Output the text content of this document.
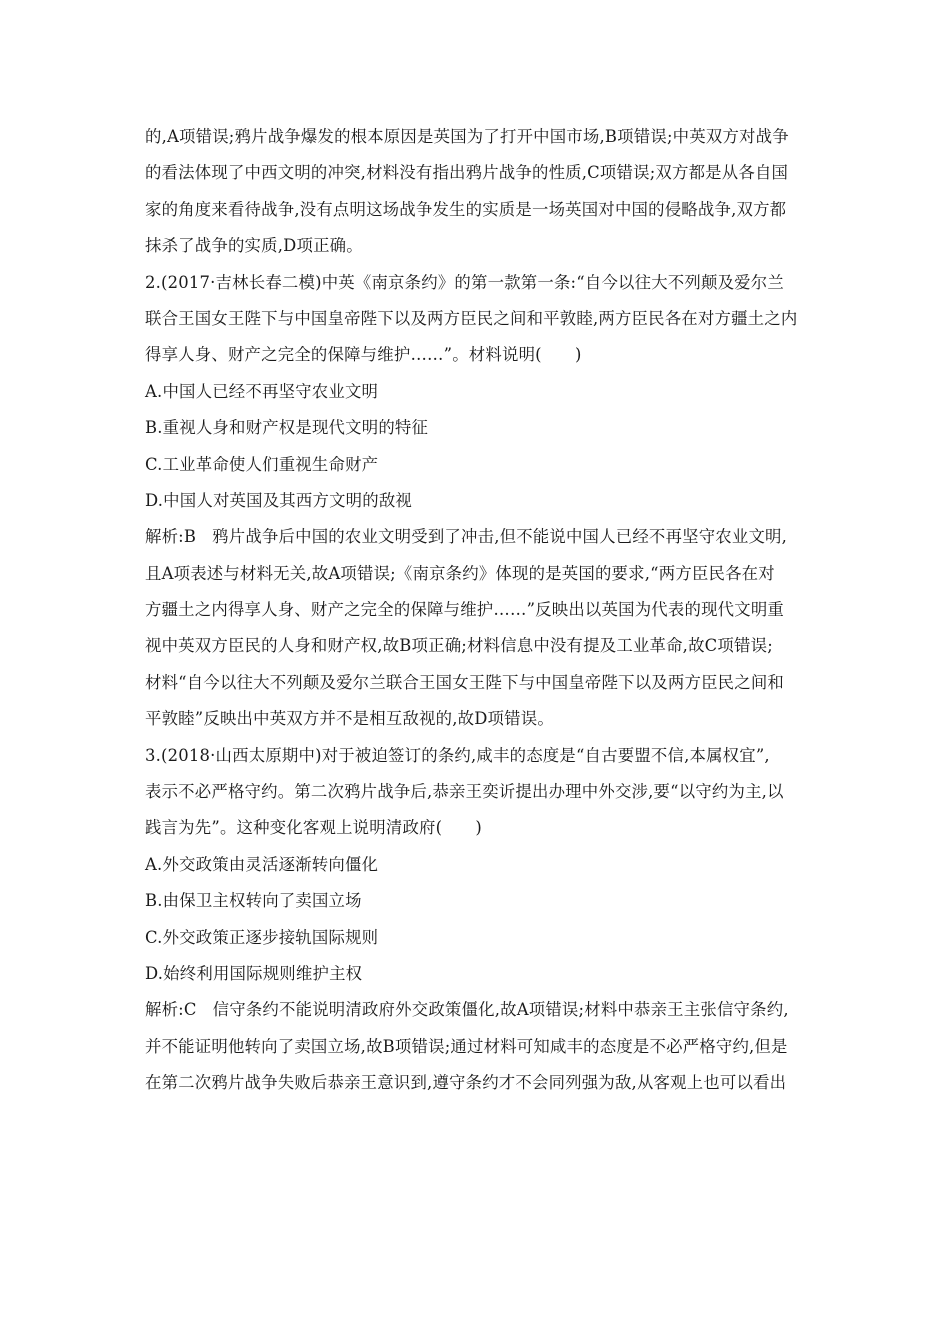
的,A项错误;鸦片战争爆发的根本原因是英国为了打开中国市场,B项错误;中英双方对战争
的看法体现了中西文明的冲突,材料没有指出鸦片战争的性质,C项错误;双方都是从各自国
家的角度来看待战争,没有点明这场战争发生的实质是一场英国对中国的侵略战争,双方都
抹杀了战争的实质,D项正确。
2.(2017·吉林长春二模)中英《南京条约》的第一款第一条:“自今以往大不列颠及爱尔兰
联合王国女王陛下与中国皇帝陛下以及两方臣民之间和平敦睦,两方臣民各在对方疆土之内
得享人身、财产之完全的保障与维护……”。材料说明(　　)
A.中国人已经不再坚守农业文明
B.重视人身和财产权是现代文明的特征
C.工业革命使人们重视生命财产
D.中国人对英国及其西方文明的敌视
解析:B 鸦片战争后中国的农业文明受到了冲击,但不能说中国人已经不再坚守农业文明,
且A项表述与材料无关,故A项错误;《南京条约》体现的是英国的要求,“两方臣民各在对
方疆土之内得享人身、财产之完全的保障与维护……”反映出以英国为代表的现代文明重
视中英双方臣民的人身和财产权,故B项正确;材料信息中没有提及工业革命,故C项错误;
材料“自今以往大不列颠及爱尔兰联合王国女王陛下与中国皇帝陛下以及两方臣民之间和
平敦睦”反映出中英双方并不是相互敌视的,故D项错误。
3.(2018·山西太原期中)对于被迫签订的条约,咸丰的态度是“自古要盟不信,本属权宜”,
表示不必严格守约。第二次鸦片战争后,恭亲王奕䜣提出办理中外交涉,要“以守约为主,以
践言为先”。这种变化客观上说明清政府(　　)
A.外交政策由灵活逐渐转向僵化
B.由保卫主权转向了卖国立场
C.外交政策正逐步接轨国际规则
D.始终利用国际规则维护主权
解析:C 信守条约不能说明清政府外交政策僵化,故A项错误;材料中恭亲王主张信守条约,
并不能证明他转向了卖国立场,故B项错误;通过材料可知咸丰的态度是不必严格守约,但是
在第二次鸦片战争失败后恭亲王意识到,遵守条约才不会同列强为敌,从客观上也可以看出
